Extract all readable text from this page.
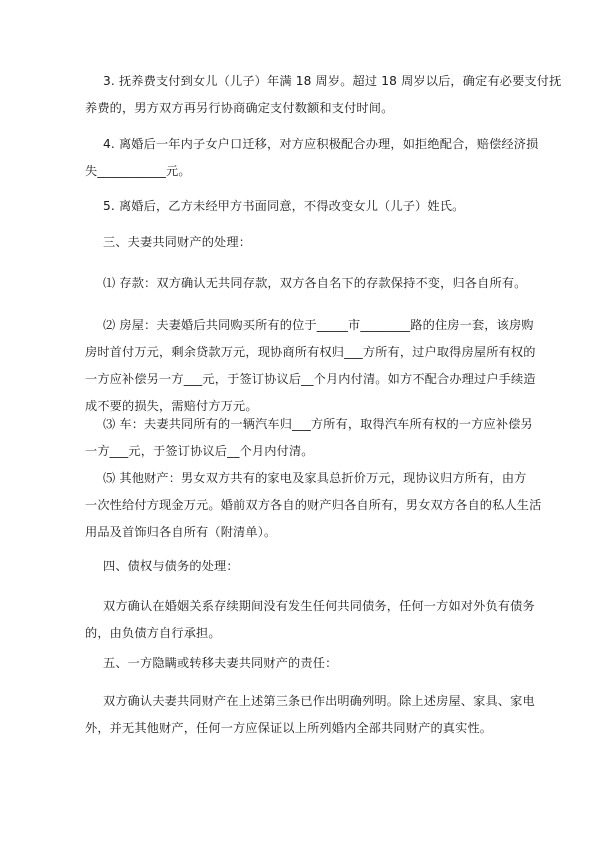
3. 抚养费支付到女儿（儿子）年满 18 周岁。超过 18 周岁以后，确定有必要支付抚
养费的，男方双方再另行协商确定支付数额和支付时间。
4. 离婚后一年内子女户口迁移，对方应积极配合办理，如拒绝配合，赔偿经济损
失___________元。
5. 离婚后，乙方未经甲方书面同意，不得改变女儿（儿子）姓氏。
三、夫妻共同财产的处理：
⑴ 存款：双方确认无共同存款，双方各自名下的存款保持不变，归各自所有。
⑵ 房屋：夫妻婚后共同购买所有的位于_____市________路的住房一套，该房购
房时首付万元，剩余贷款万元，现协商所有权归___方所有，过户取得房屋所有权的
一方应补偿另一方___元，于签订协议后__个月内付清。如方不配合办理过户手续造
成不要的损失，需赔付方万元。
⑶ 车：夫妻共同所有的一辆汽车归___方所有，取得汽车所有权的一方应补偿另
一方___元，于签订协议后__个月内付清。
⑸ 其他财产：男女双方共有的家电及家具总折价万元，现协议归方所有，由方
一次性给付方现金万元。婚前双方各自的财产归各自所有，男女双方各自的私人生活
用品及首饰归各自所有（附清单）。
四、债权与债务的处理：
双方确认在婚姻关系存续期间没有发生任何共同债务，任何一方如对外负有债务
的，由负债方自行承担。
五、一方隐瞒或转移夫妻共同财产的责任：
双方确认夫妻共同财产在上述第三条已作出明确列明。除上述房屋、家具、家电
外，并无其他财产，任何一方应保证以上所列婚内全部共同财产的真实性。
